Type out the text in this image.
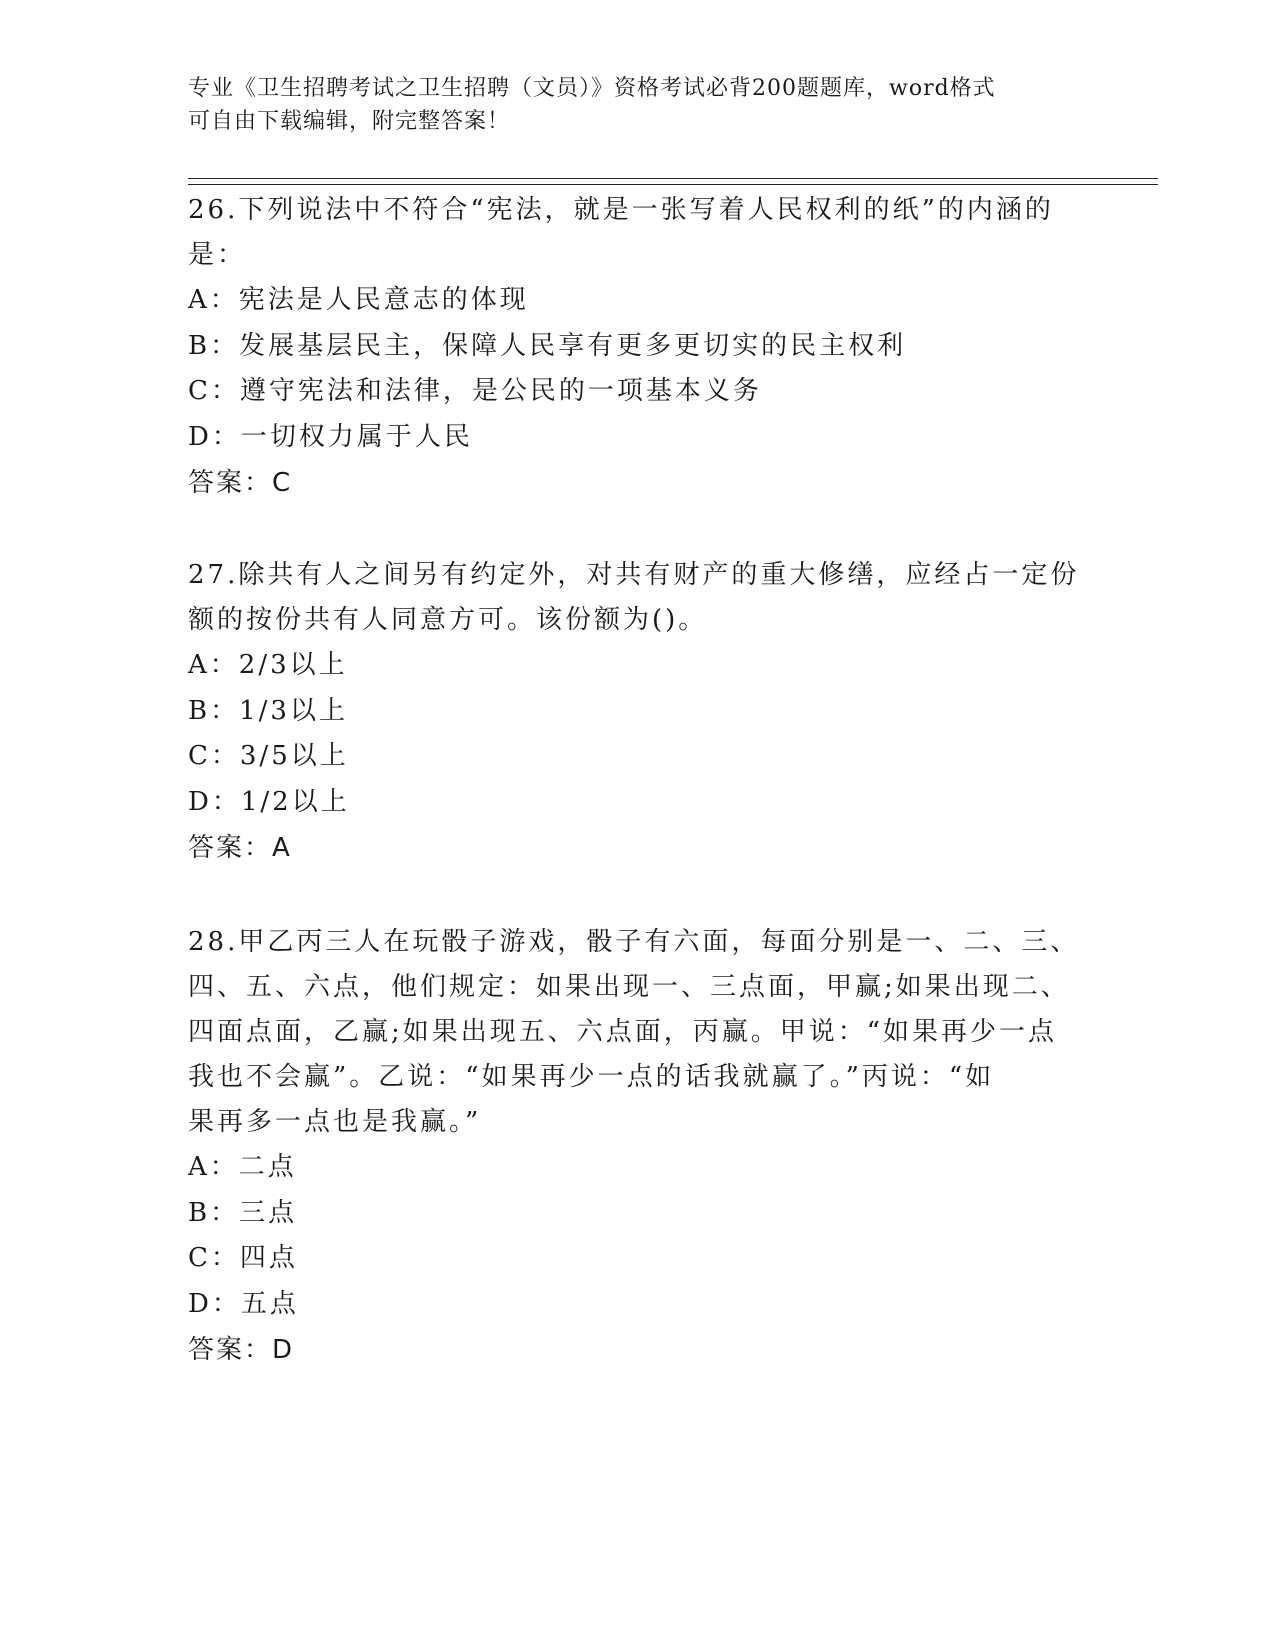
专业《卫生招聘考试之卫生招聘（文员）》资格考试必背200题题库，word格式
可自由下载编辑，附完整答案！

26.下列说法中不符合“宪法，就是一张写着人民权利的纸”的内涵的

是：

A：宪法是人民意志的体现

B：发展基层民主，保障人民享有更多更切实的民主权利

C：遵守宪法和法律，是公民的一项基本义务

D：一切权力属于人民

答案：C

27.除共有人之间另有约定外，对共有财产的重大修缮，应经占一定份

额的按份共有人同意方可。该份额为()。

A：2/3以上

B：1/3以上

C：3/5以上

D：1/2以上

答案：A

28.甲乙丙三人在玩骰子游戏，骰子有六面，每面分别是一、二、三、

四、五、六点，他们规定：如果出现一、三点面，甲赢;如果出现二、

四面点面，乙赢;如果出现五、六点面，丙赢。甲说：“如果再少一点

我也不会赢”。乙说：“如果再少一点的话我就赢了。”丙说：“如

果再多一点也是我赢。”

A：二点

B：三点

C：四点

D：五点

答案：D
